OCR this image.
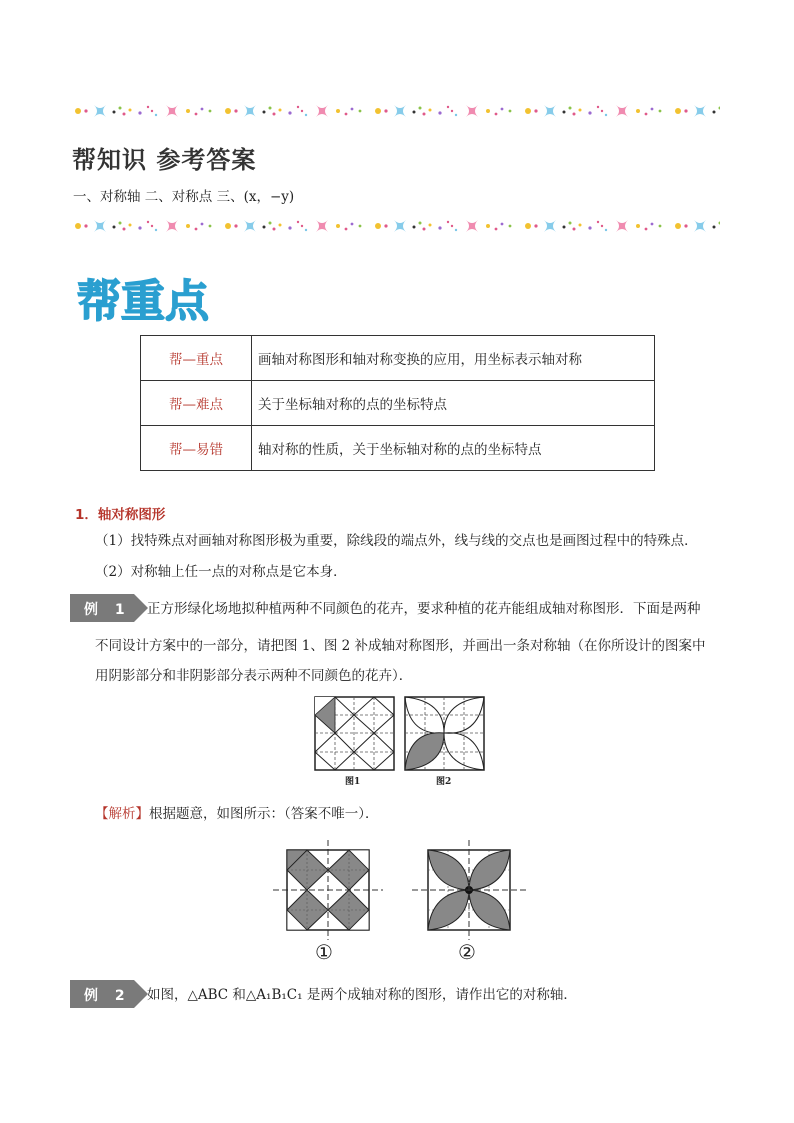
帮知识 参考答案
一、对称轴 二、对称点 三、(x，−y)
帮重点
帮—重点	画轴对称图形和轴对称变换的应用，用坐标表示轴对称
帮—难点	关于坐标轴对称的点的坐标特点
帮—易错	轴对称的性质，关于坐标轴对称的点的坐标特点
1．轴对称图形
（1）找特殊点对画轴对称图形极为重要，除线段的端点外，线与线的交点也是画图过程中的特殊点．
（2）对称轴上任一点的对称点是它本身．
例 1 正方形绿化场地拟种植两种不同颜色的花卉，要求种植的花卉能组成轴对称图形．下面是两种
不同设计方案中的一部分，请把图 1、图 2 补成轴对称图形，并画出一条对称轴（在你所设计的图案中
用阴影部分和非阴影部分表示两种不同颜色的花卉）．
图1	图2
【解析】根据题意，如图所示：（答案不唯一）．
①	②
例 2 如图，△ABC 和△A₁B₁C₁ 是两个成轴对称的图形，请作出它的对称轴．
